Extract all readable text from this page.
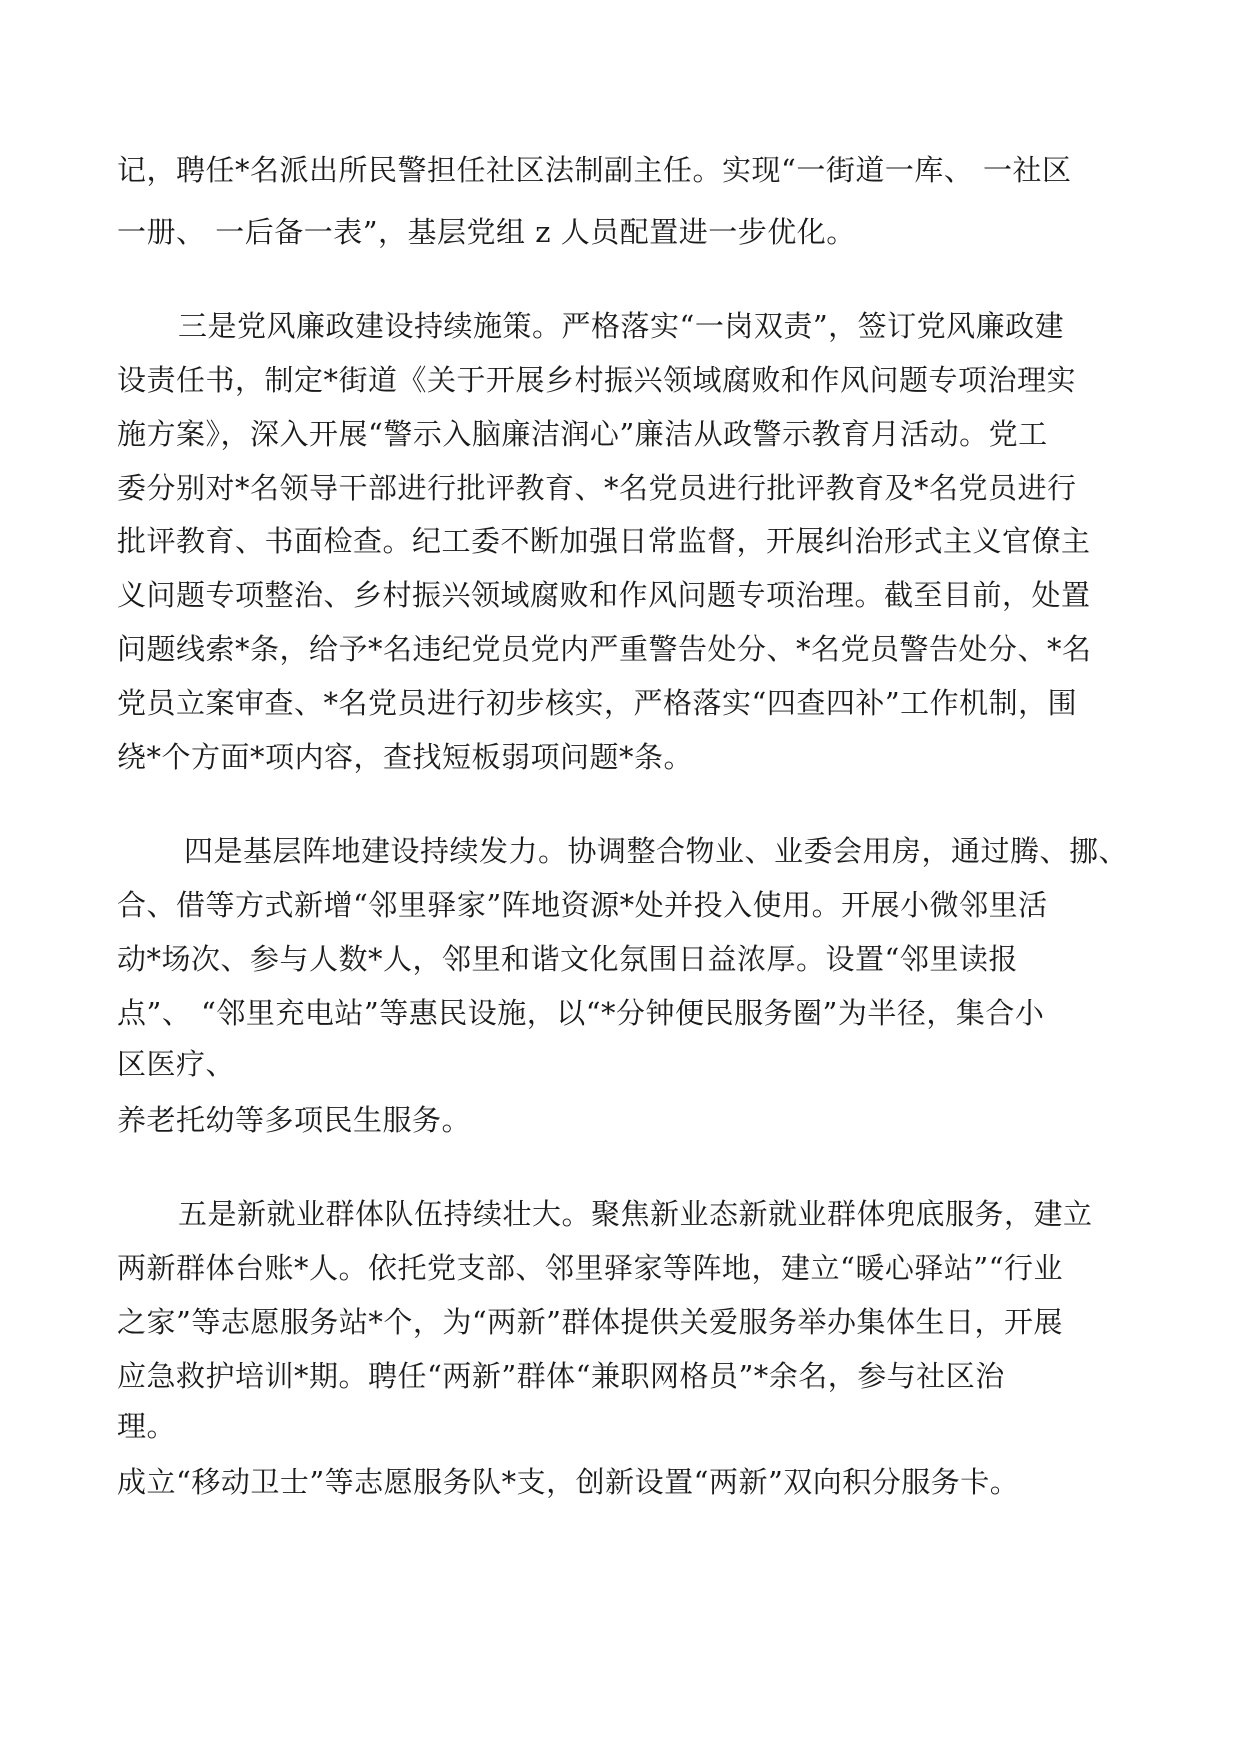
记，聘任*名派出所民警担任社区法制副主任。实现“一街道一库、 一社区
一册、 一后备一表”，基层党组 z 人员配置进一步优化。
三是党风廉政建设持续施策。严格落实“一岗双责”，签订党风廉政建
设责任书，制定*街道《关于开展乡村振兴领域腐败和作风问题专项治理实
施方案》，深入开展“警示入脑廉洁润心”廉洁从政警示教育月活动。党工
委分别对*名领导干部进行批评教育、*名党员进行批评教育及*名党员进行
批评教育、书面检查。纪工委不断加强日常监督，开展纠治形式主义官僚主
义问题专项整治、乡村振兴领域腐败和作风问题专项治理。截至目前，处置
问题线索*条，给予*名违纪党员党内严重警告处分、*名党员警告处分、*名
党员立案审查、*名党员进行初步核实，严格落实“四查四补”工作机制，围
绕*个方面*项内容，查找短板弱项问题*条。
四是基层阵地建设持续发力。协调整合物业、业委会用房，通过腾、挪、
合、借等方式新增“邻里驿家”阵地资源*处并投入使用。开展小微邻里活
动*场次、参与人数*人，邻里和谐文化氛围日益浓厚。设置“邻里读报
点”、 “邻里充电站”等惠民设施，以“*分钟便民服务圈”为半径，集合小
区医疗、
养老托幼等多项民生服务。
五是新就业群体队伍持续壮大。聚焦新业态新就业群体兜底服务，建立
两新群体台账*人。依托党支部、邻里驿家等阵地，建立“暖心驿站”“行业
之家”等志愿服务站*个，为“两新”群体提供关爱服务举办集体生日，开展
应急救护培训*期。聘任“两新”群体“兼职网格员”*余名，参与社区治
理。
成立“移动卫士”等志愿服务队*支，创新设置“两新”双向积分服务卡。
